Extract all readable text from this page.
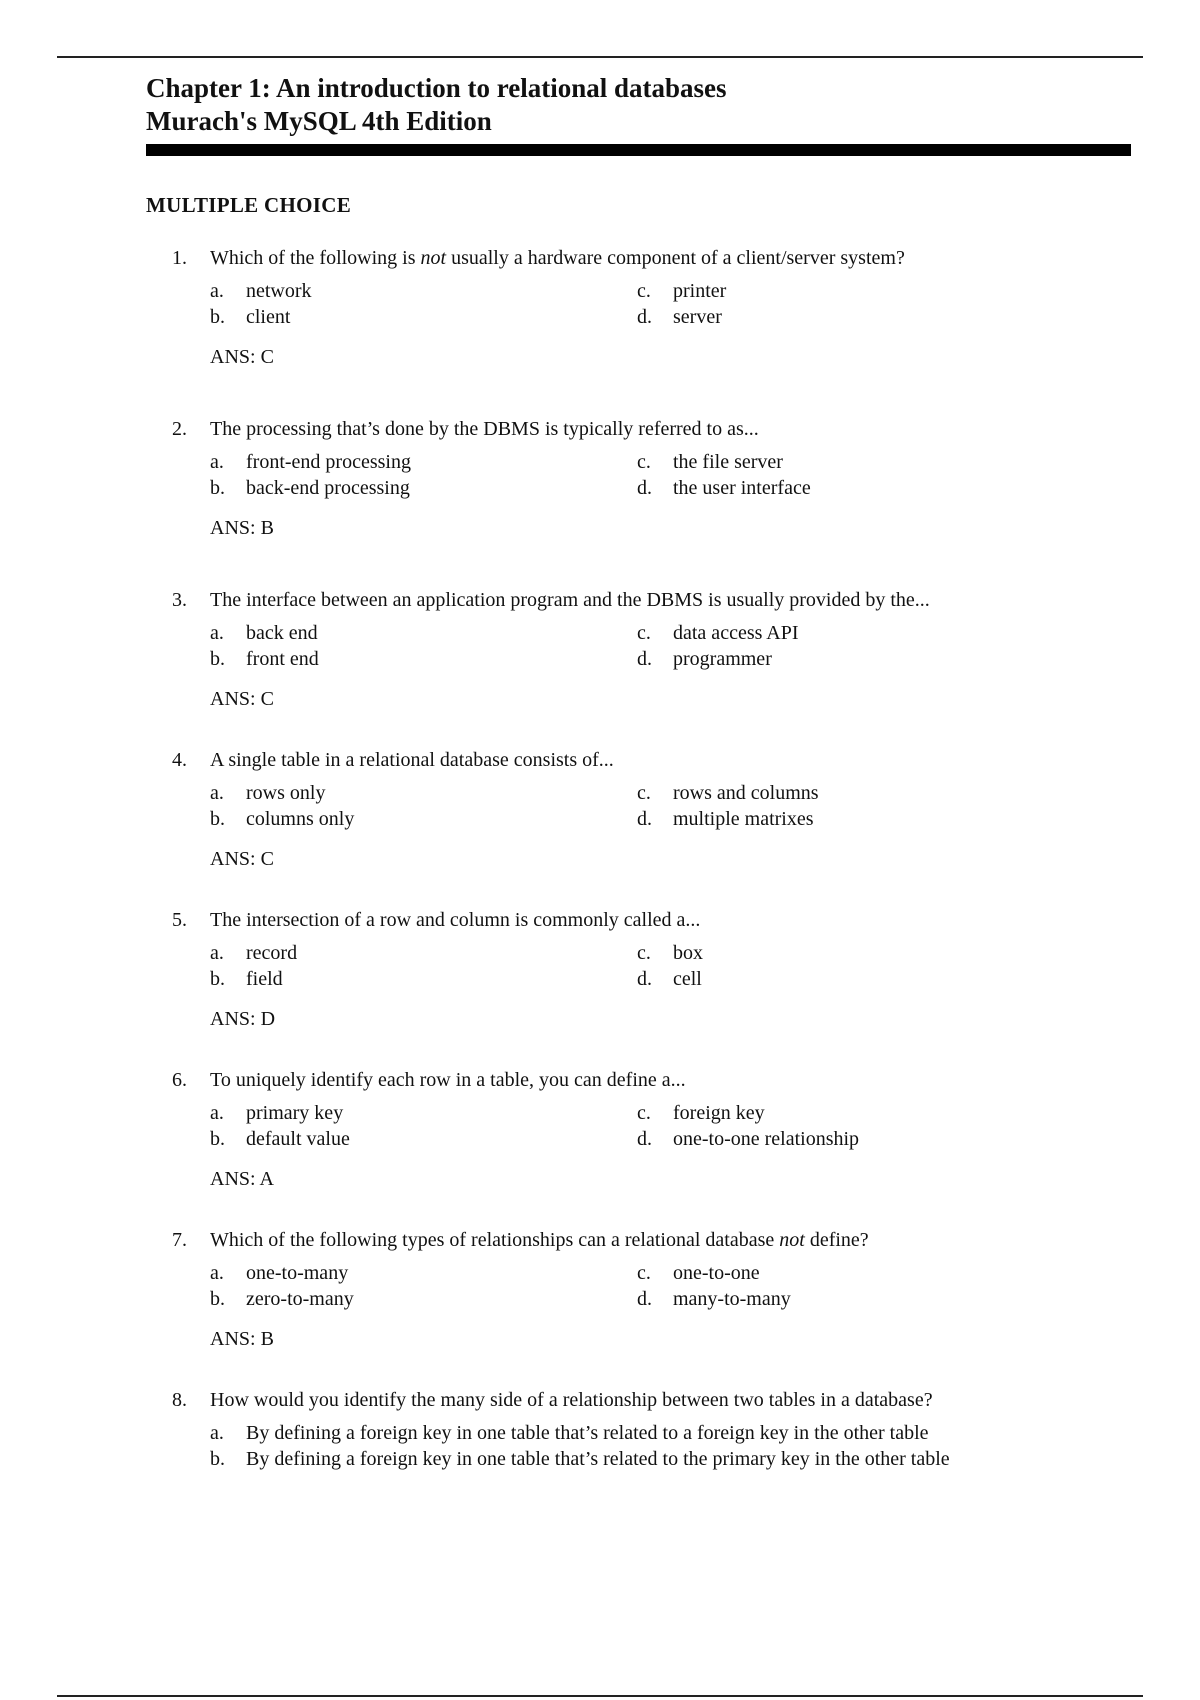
Chapter 1: An introduction to relational databases
Murach's MySQL 4th Edition
MULTIPLE CHOICE
1.	Which of the following is not usually a hardware component of a client/server system?
a.	network	c.	printer
b.	client	d.	server
ANS: C
2.	The processing that’s done by the DBMS is typically referred to as...
a.	front-end processing	c.	the file server
b.	back-end processing	d.	the user interface
ANS: B
3.	The interface between an application program and the DBMS is usually provided by the...
a.	back end	c.	data access API
b.	front end	d.	programmer
ANS: C
4.	A single table in a relational database consists of...
a.	rows only	c.	rows and columns
b.	columns only	d.	multiple matrixes
ANS: C
5.	The intersection of a row and column is commonly called a...
a.	record	c.	box
b.	field	d.	cell
ANS: D
6.	To uniquely identify each row in a table, you can define a...
a.	primary key	c.	foreign key
b.	default value	d.	one-to-one relationship
ANS: A
7.	Which of the following types of relationships can a relational database not define?
a.	one-to-many	c.	one-to-one
b.	zero-to-many	d.	many-to-many
ANS: B
8.	How would you identify the many side of a relationship between two tables in a database?
a.	By defining a foreign key in one table that’s related to a foreign key in the other table
b.	By defining a foreign key in one table that’s related to the primary key in the other table
